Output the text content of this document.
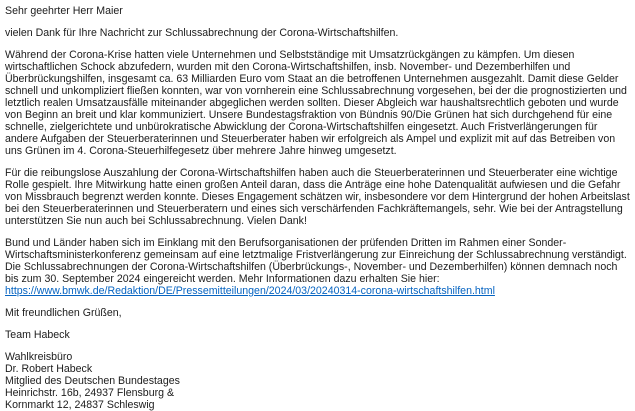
Sehr geehrter Herr Maier

vielen Dank für Ihre Nachricht zur Schlussabrechnung der Corona-Wirtschaftshilfen.

Während der Corona-Krise hatten viele Unternehmen und Selbstständige mit Umsatzrückgängen zu kämpfen. Um diesen wirtschaftlichen Schock abzufedern, wurden mit den Corona-Wirtschaftshilfen, insb. November- und Dezemberhilfen und Überbrückungshilfen, insgesamt ca. 63 Milliarden Euro vom Staat an die betroffenen Unternehmen ausgezahlt. Damit diese Gelder schnell und unkompliziert fließen konnten, war von vornherein eine Schlussabrechnung vorgesehen, bei der die prognostizierten und letztlich realen Umsatzausfälle miteinander abgeglichen werden sollten. Dieser Abgleich war haushaltsrechtlich geboten und wurde von Beginn an breit und klar kommuniziert. Unsere Bundestagsfraktion von Bündnis 90/Die Grünen hat sich durchgehend für eine schnelle, zielgerichtete und unbürokratische Abwicklung der Corona-Wirtschaftshilfen eingesetzt. Auch Fristverlängerungen für andere Aufgaben der Steuerberaterinnen und Steuerberater haben wir erfolgreich als Ampel und explizit mit auf das Betreiben von uns Grünen im 4. Corona-Steuerhilfegesetz über mehrere Jahre hinweg umgesetzt.

Für die reibungslose Auszahlung der Corona-Wirtschaftshilfen haben auch die Steuerberaterinnen und Steuerberater eine wichtige Rolle gespielt. Ihre Mitwirkung hatte einen großen Anteil daran, dass die Anträge eine hohe Datenqualität aufwiesen und die Gefahr von Missbrauch begrenzt werden konnte. Dieses Engagement schätzen wir, insbesondere vor dem Hintergrund der hohen Arbeitslast bei den Steuerberaterinnen und Steuerberatern und eines sich verschärfenden Fachkräftemangels, sehr. Wie bei der Antragstellung unterstützen Sie nun auch bei Schlussabrechnung. Vielen Dank!

Bund und Länder haben sich im Einklang mit den Berufsorganisationen der prüfenden Dritten im Rahmen einer Sonder-Wirtschaftsministerkonferenz gemeinsam auf eine letztmalige Fristverlängerung zur Einreichung der Schlussabrechnung verständigt. Die Schlussabrechnungen der Corona-Wirtschaftshilfen (Überbrückungs-, November- und Dezemberhilfen) können demnach noch bis zum 30. September 2024 eingereicht werden. Mehr Informationen dazu erhalten Sie hier:

https://www.bmwk.de/Redaktion/DE/Pressemitteilungen/2024/03/20240314-corona-wirtschaftshilfen.html

Mit freundlichen Grüßen,

Team Habeck

Wahlkreisbüro
Dr. Robert Habeck
Mitglied des Deutschen Bundestages
Heinrichstr. 16b, 24937 Flensburg &
Kornmarkt 12, 24837 Schleswig
